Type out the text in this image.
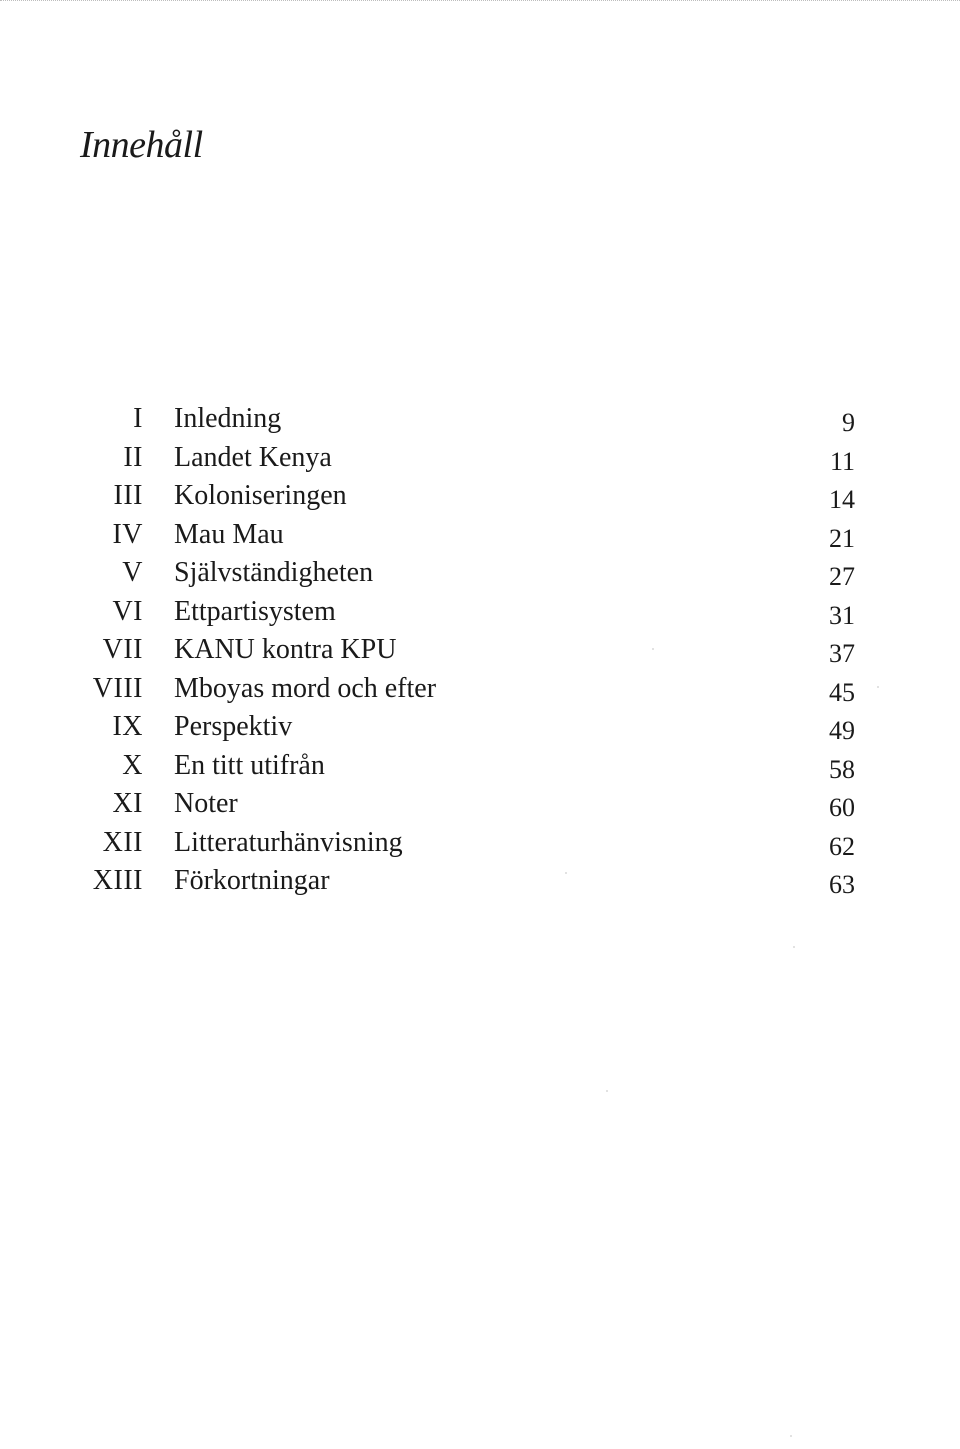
Innehåll
I Inledning	9
II Landet Kenya	11
III Koloniseringen	14
IV Mau Mau	21
V Självständigheten	27
VI Ettpartisystem	31
VII KANU kontra KPU	37
VIII Mboyas mord och efter	45
IX Perspektiv	49
X En titt utifrån	58
XI Noter	60
XII Litteraturhänvisning	62
XIII Förkortningar	63
